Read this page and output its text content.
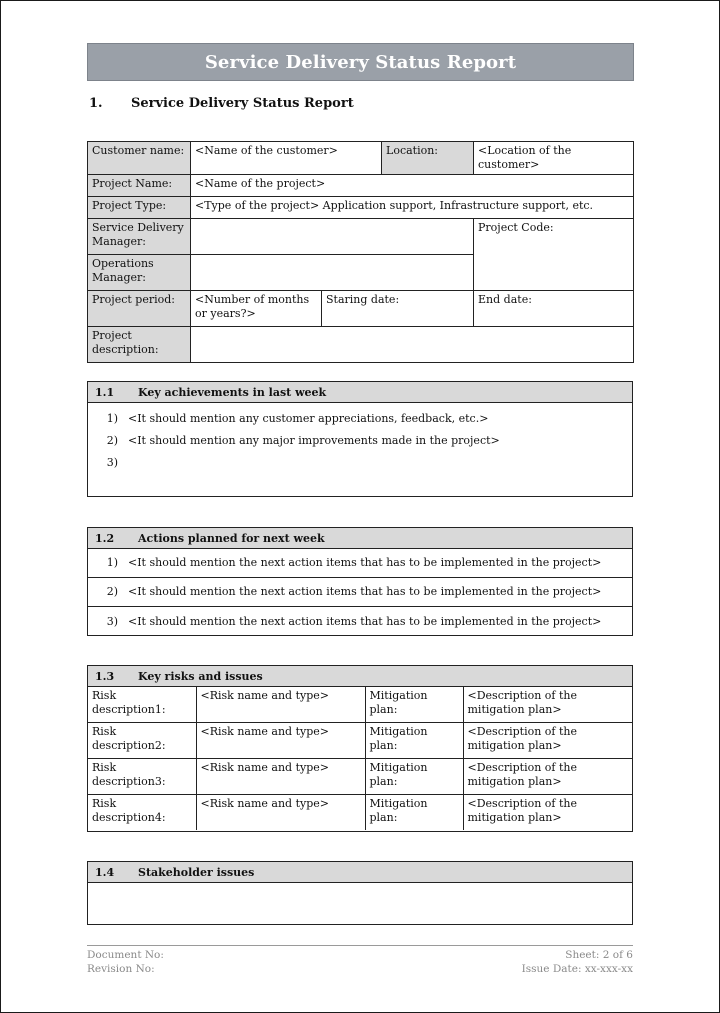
Service Delivery Status Report
1. Service Delivery Status Report
Customer name:	<Name of the customer>		Location:	<Location of the customer>
Project Name:	<Name of the project>			
Project Type:	<Type of the project> Application support, Infrastructure support, etc.			
Service Delivery Manager:				Project Code:
Operations Manager:				
Project period:	<Number of months or years?>	Staring date:		End date:
Project description:				
1.1	Key achievements in last week
1) <It should mention any customer appreciations, feedback, etc.>
2) <It should mention any major improvements made in the project>
3)
1.2	Actions planned for next week
1) <It should mention the next action items that has to be implemented in the project>
2) <It should mention the next action items that has to be implemented in the project>
3) <It should mention the next action items that has to be implemented in the project>
1.3	Key risks and issues
Risk description1:	<Risk name and type>	Mitigation plan:	<Description of the mitigation plan>
Risk description2:	<Risk name and type>	Mitigation plan:	<Description of the mitigation plan>
Risk description3:	<Risk name and type>	Mitigation plan:	<Description of the mitigation plan>
Risk description4:	<Risk name and type>	Mitigation plan:	<Description of the mitigation plan>
1.4	Stakeholder issues
Document No:
Revision No:
Sheet: 2 of 6
Issue Date: xx-xxx-xx
